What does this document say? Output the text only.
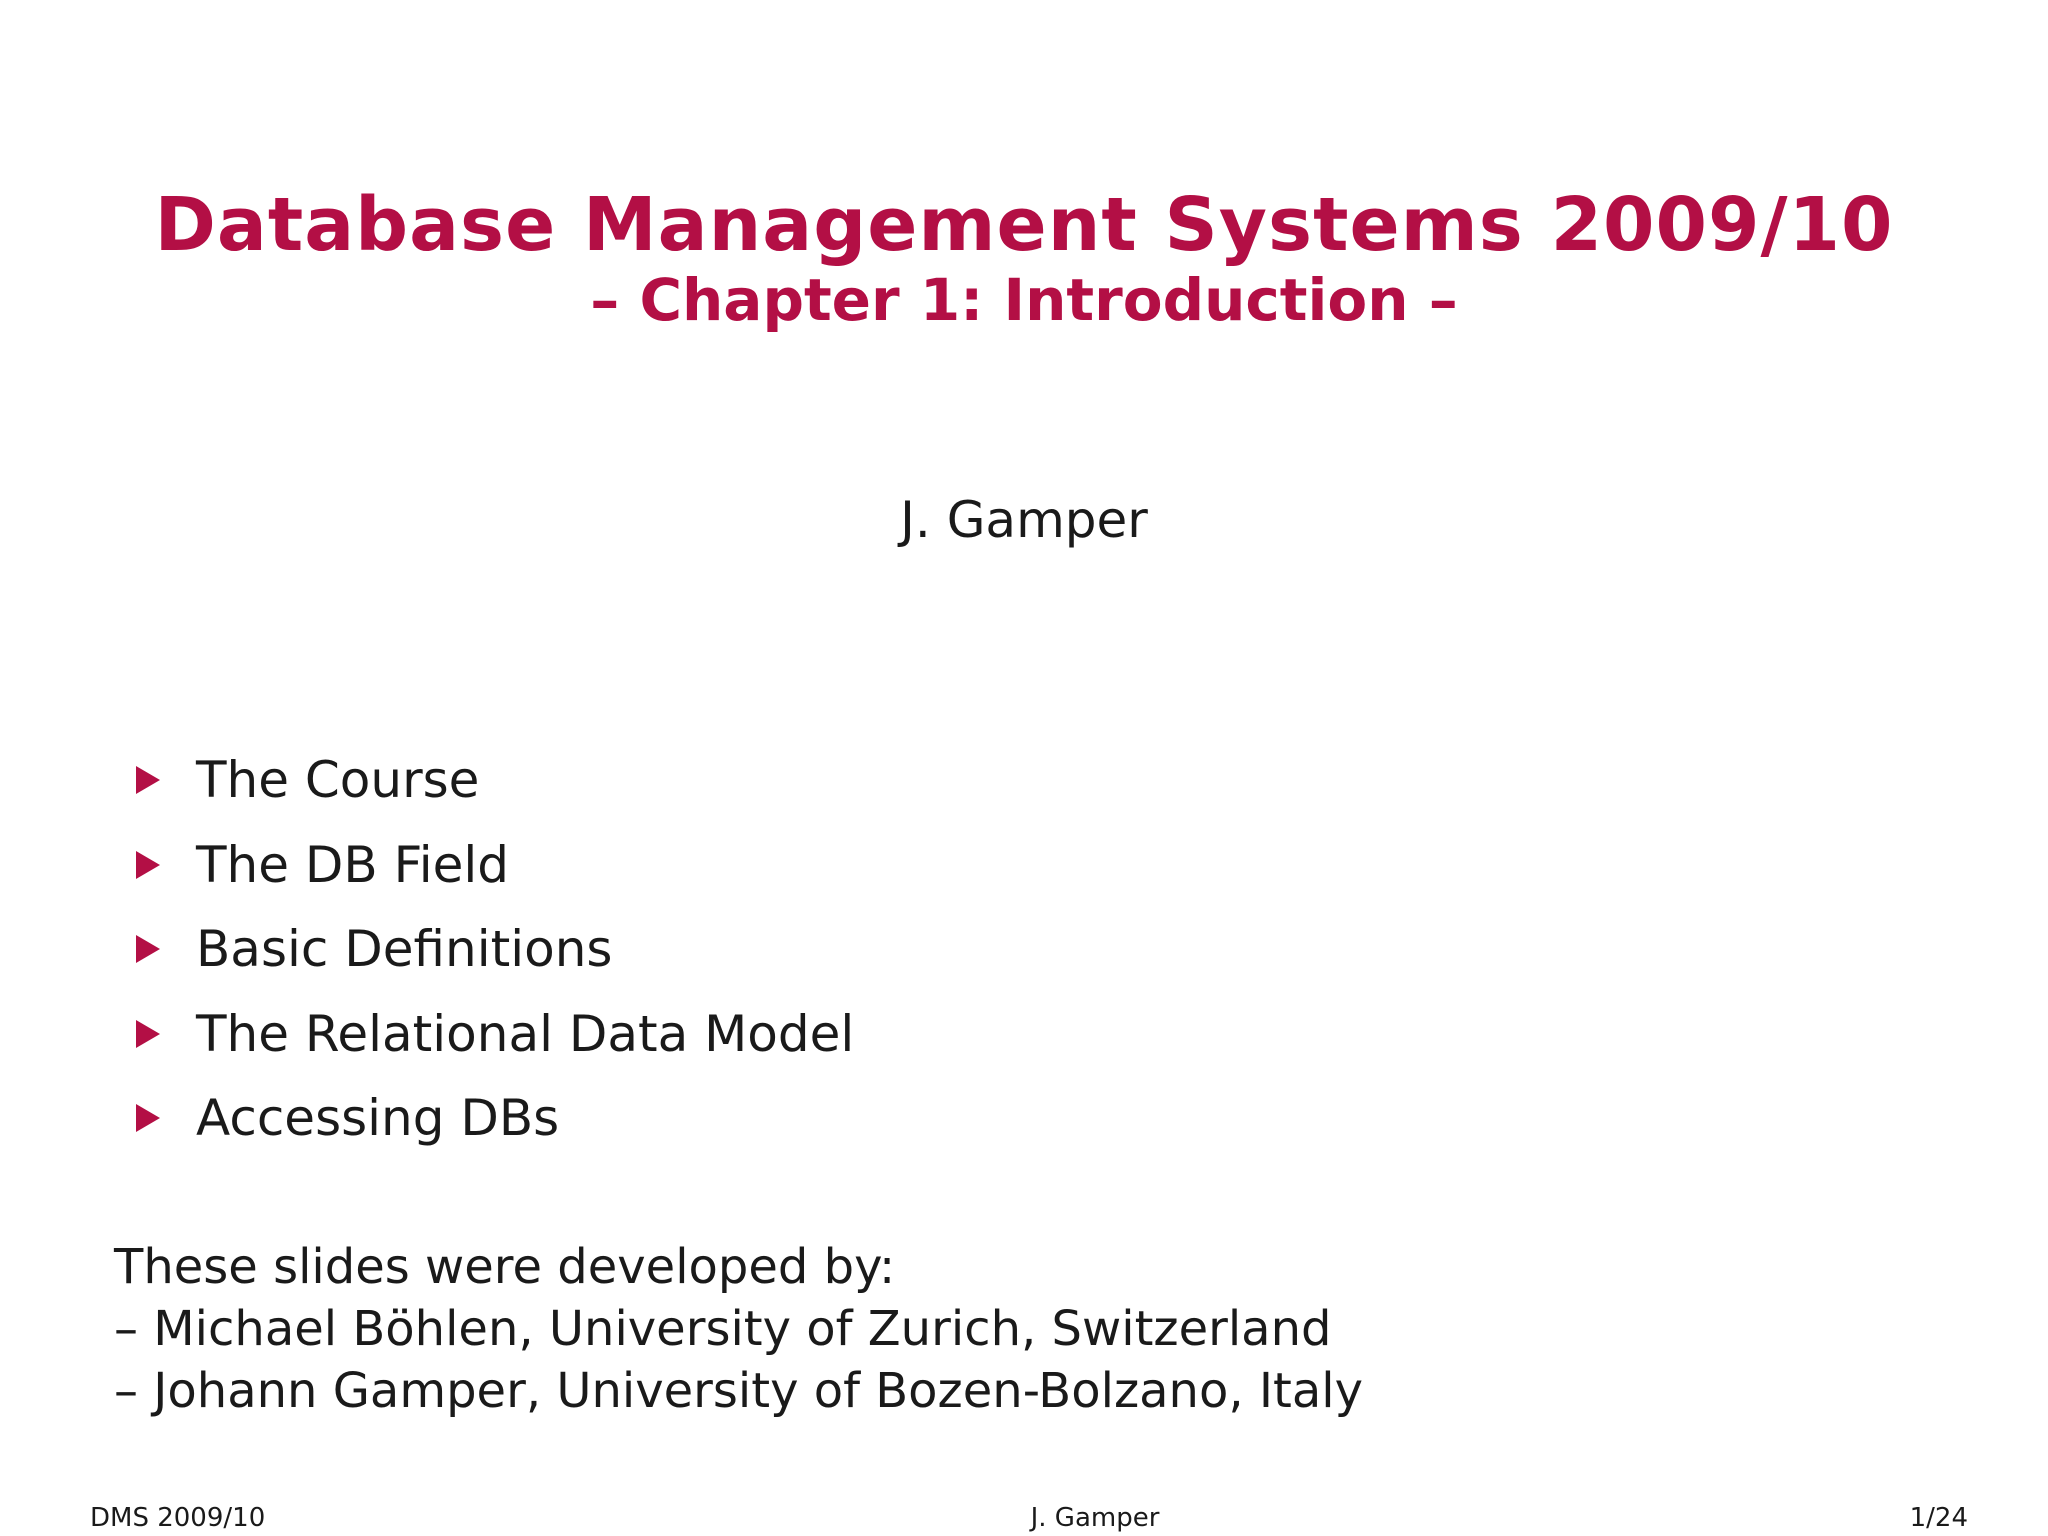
Database Management Systems 2009/10
– Chapter 1: Introduction –
J. Gamper
The Course
The DB Field
Basic Definitions
The Relational Data Model
Accessing DBs
These slides were developed by:
– Michael Böhlen, University of Zurich, Switzerland
– Johann Gamper, University of Bozen-Bolzano, Italy
DMS 2009/10	J. Gamper	1/24
